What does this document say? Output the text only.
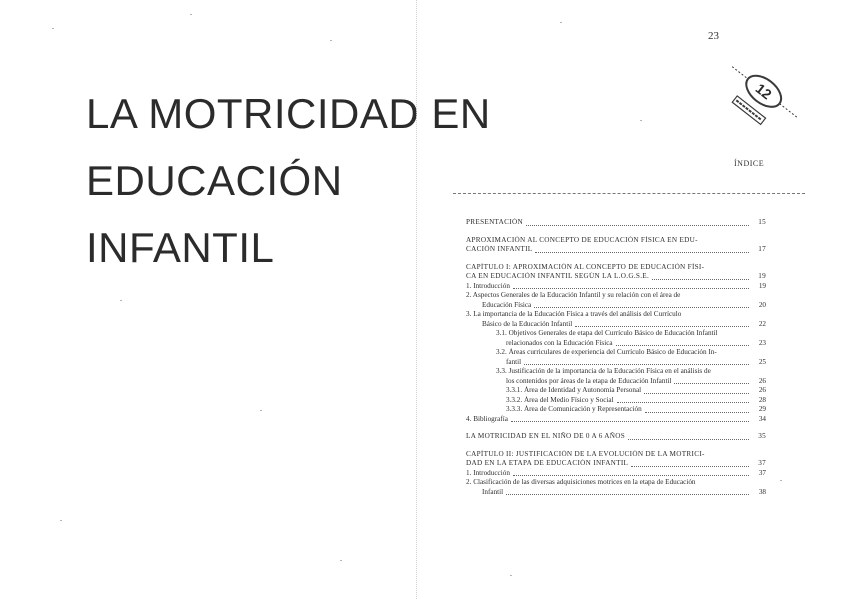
LA MOTRICIDAD EN
EDUCACIÓN
INFANTIL
23
12
ÍNDICE
PRESENTACIÓN	15
APROXIMACIÓN AL CONCEPTO DE EDUCACIÓN FÍSICA EN EDU-
CACIÓN INFANTIL	17
CAPÍTULO I: APROXIMACIÓN AL CONCEPTO DE EDUCACIÓN FÍSI-
CA EN EDUCACIÓN INFANTIL SEGÚN LA L.O.G.S.E.	19
1. Introducción	19
2. Aspectos Generales de la Educación Infantil y su relación con el área de
Educación Física	20
3. La importancia de la Educación Física a través del análisis del Currículo
Básico de la Educación Infantil	22
3.1. Objetivos Generales de etapa del Currículo Básico de Educación Infantil
relacionados con la Educación Física	23
3.2. Áreas curriculares de experiencia del Currículo Básico de Educación In-
fantil	25
3.3. Justificación de la importancia de la Educación Física en el análisis de
los contenidos por áreas de la etapa de Educación Infantil	26
3.3.1. Área de Identidad y Autonomía Personal	26
3.3.2. Área del Medio Físico y Social	28
3.3.3. Área de Comunicación y Representación	29
4. Bibliografía	34
LA MOTRICIDAD EN EL NIÑO DE 0 A 6 AÑOS	35
CAPÍTULO II: JUSTIFICACIÓN DE LA EVOLUCIÓN DE LA MOTRICI-
DAD EN LA ETAPA DE EDUCACIÓN INFANTIL	37
1. Introducción	37
2. Clasificación de las diversas adquisiciones motrices en la etapa de Educación
Infantil	38
